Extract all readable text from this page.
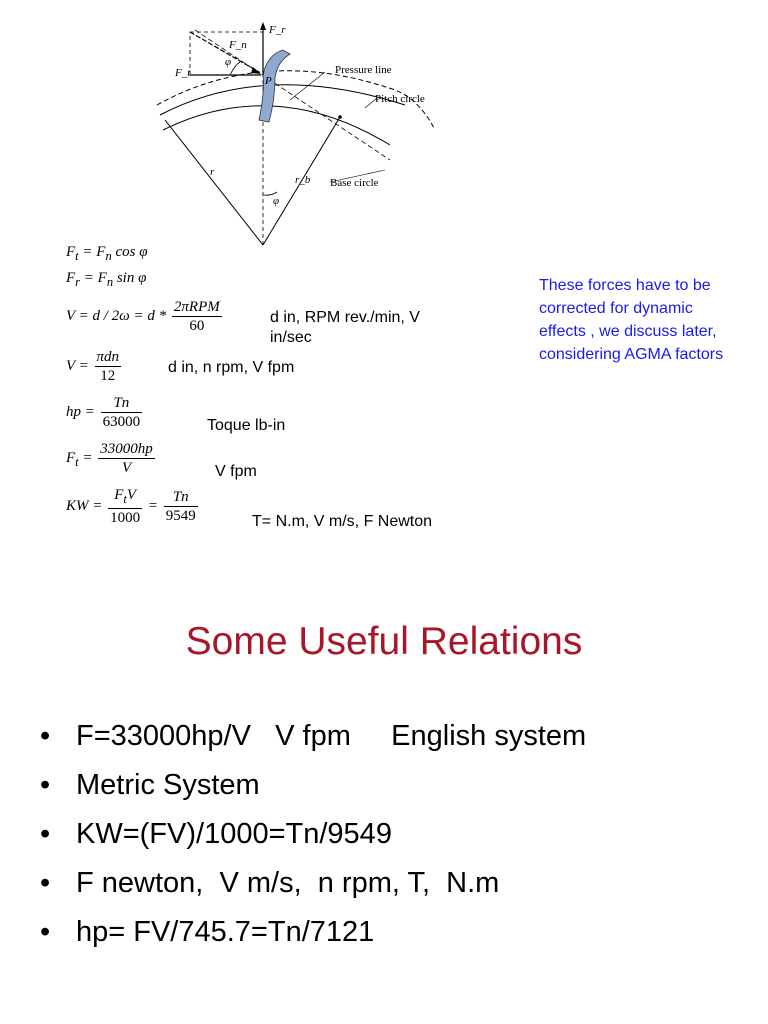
F_r
F_n
F_t
φ
P
Pressure line
Pitch circle
Base circle
r
r_b
φ
$F_t = F_n$ cos φ
$F_r = F_n$ sin φ
$V = d / 2\omega = d * \frac{\text{2πRPM}}{60}$	d in, RPM rev./min, V
in/sec
$V = \frac{\text{πdn}}{12}$	d in, n rpm, V fpm
hp = $\frac{Tn}{63000}$	Toque lb-in
$F_t = \frac{33000hp}{V}$	V fpm
KW = $\frac{F_tV}{1000} = \frac{Tn}{9549}$	T= N.m, V m/s, F Newton
These forces have to be corrected for dynamic effects , we discuss later, considering AGMA factors
Some Useful Relations
• F=33000hp/V   V fpm     English system
• Metric System
• KW=(FV)/1000=Tn/9549
• F newton,  V m/s,  n rpm, T,  N.m
• hp= FV/745.7=Tn/7121
